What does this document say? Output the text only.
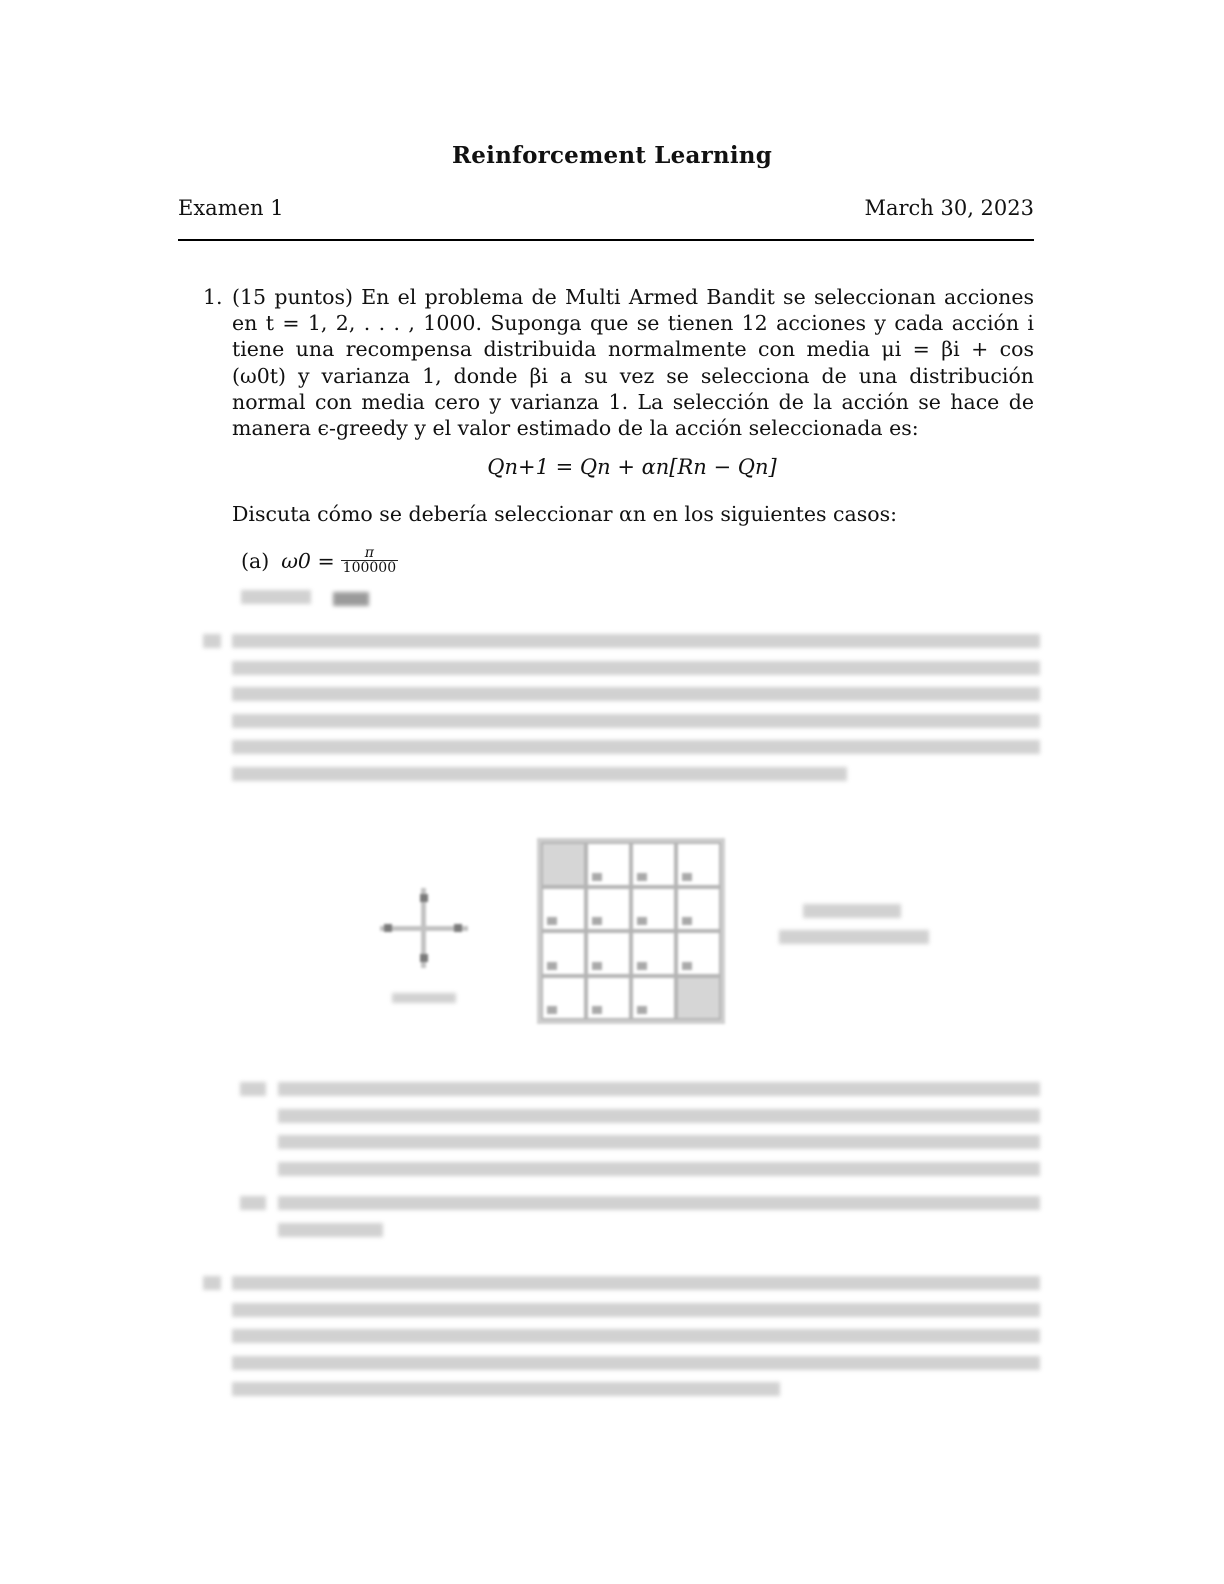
Reinforcement Learning
Examen 1	March 30, 2023
1. (15 puntos) En el problema de Multi Armed Bandit se seleccionan acciones en t = 1, 2, . . . , 1000. Suponga que se tienen 12 acciones y cada acción i tiene una recompensa distribuida normalmente con media μi = βi + cos (ω0t) y varianza 1, donde βi a su vez se selecciona de una distribución normal con media cero y varianza 1. La selección de la acción se hace de manera ϵ-greedy y el valor estimado de la acción seleccionada es:
Qn+1 = Qn + αn[Rn − Qn]
Discuta cómo se debería seleccionar αn en los siguientes casos:
(a) $\omega 0 = \frac{\pi}{100000}$
